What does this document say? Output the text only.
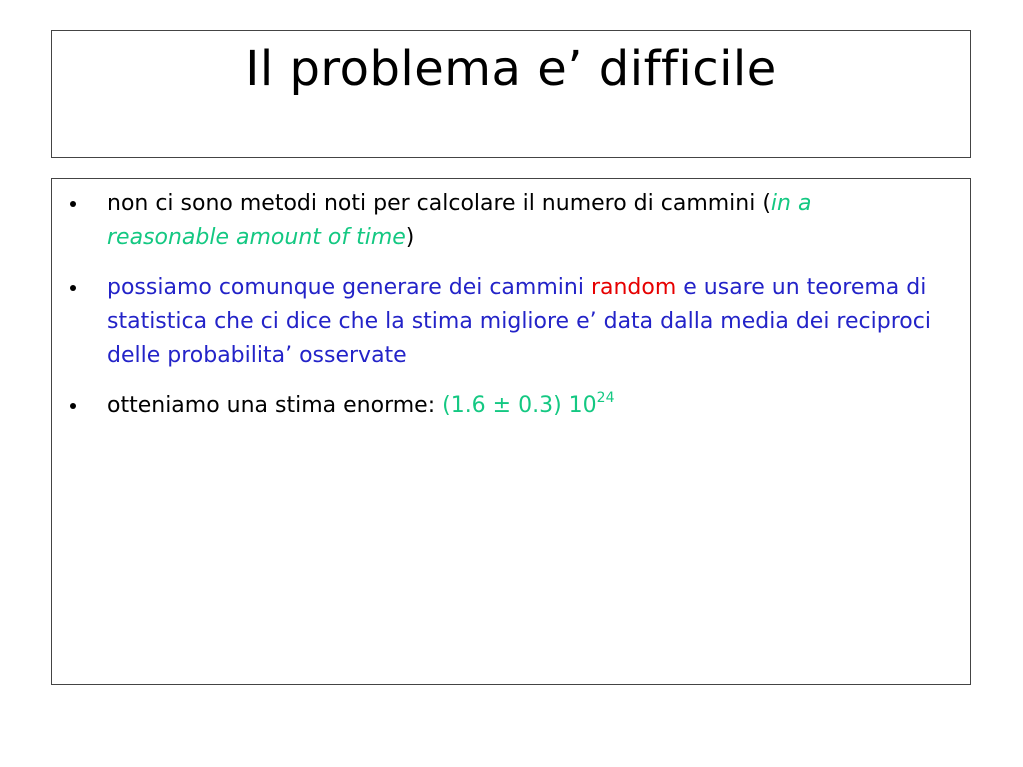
Il problema e’ difficile
non ci sono metodi noti per calcolare il numero di cammini (in a reasonable amount of time)
possiamo comunque generare dei cammini random e usare un teorema di statistica che ci dice che la stima migliore e’ data dalla media dei reciproci delle probabilita’ osservate
otteniamo una stima enorme: (1.6 ± 0.3) $10^{24}$
